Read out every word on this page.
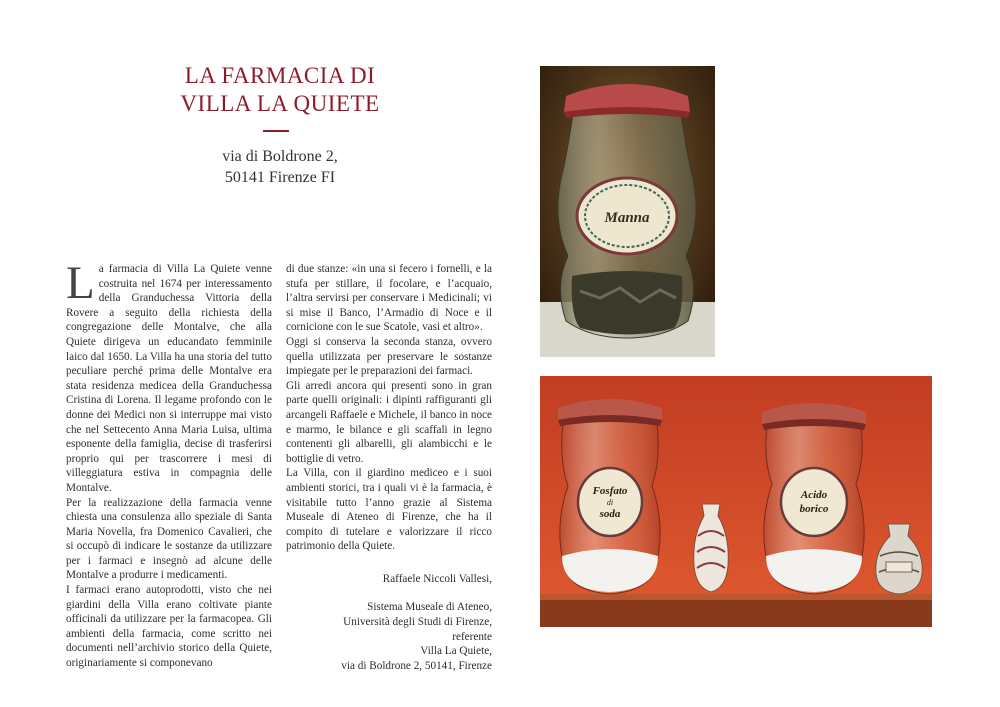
LA FARMACIA DI
VILLA LA QUIETE
via di Boldrone 2,
50141 Firenze FI

La farmacia di Villa La Quiete venne costruita nel 1674 per interessamento della Granduchessa Vittoria della Rovere a seguito della richiesta della congregazione delle Montalve, che alla Quiete dirigeva un educandato femminile laico dal 1650. La Villa ha una storia del tutto peculiare perché prima delle Montalve era stata residenza medicea della Granduchessa Cristina di Lorena. Il legame profondo con le donne dei Medici non si interruppe mai visto che nel Settecento Anna Maria Luisa, ultima esponente della famiglia, decise di trasferirsi proprio qui per trascorrere i mesi di villeggiatura estiva in compagnia delle Montalve.

Per la realizzazione della farmacia venne chiesta una consulenza allo speziale di Santa Maria Novella, fra Domenico Cavalieri, che si occupò di indicare le sostanze da utilizzare per i farmaci e insegnò ad alcune delle Montalve a produrre i medicamenti.

I farmaci erano autoprodotti, visto che nei giardini della Villa erano coltivate piante officinali da utilizzare per la farmacopea. Gli ambienti della farmacia, come scritto nei documenti nell’archivio storico della Quiete, originariamente si componevano

di due stanze: «in una si fecero i fornelli, e la stufa per stillare, il focolare, e l’acquaio, l’altra servirsi per conservare i Medicinali; vi si mise il Banco, l’Armadio di Noce e il cornicione con le sue Scatole, vasi et altro».

Oggi si conserva la seconda stanza, ovvero quella utilizzata per preservare le sostanze impiegate per le preparazioni dei farmaci.

Gli arredi ancora qui presenti sono in gran parte quelli originali: i dipinti raffiguranti gli arcangeli Raffaele e Michele, il banco in noce e marmo, le bilance e gli scaffali in legno contenenti gli albarelli, gli alambicchi e le bottiglie di vetro.

La Villa, con il giardino mediceo e i suoi ambienti storici, tra i quali vi è la farmacia, è visitabile tutto l’anno grazie al Sistema Museale di Ateneo di Firenze, che ha il compito di tutelare e valorizzare il ricco patrimonio della Quiete.

Raffaele Niccoli Vallesi,

Sistema Museale di Ateneo,
Università degli Studi di Firenze,
referente
Villa La Quiete,
via di Boldrone 2, 50141, Firenze

Manna
Fosfato
di
soda
Acido
borico
